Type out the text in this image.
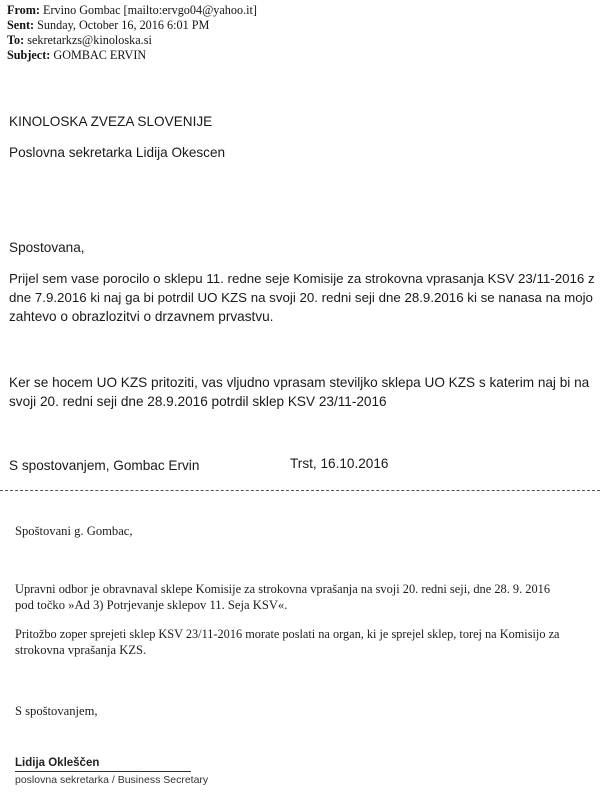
From: Ervino Gombac [mailto:ervgo04@yahoo.it]
Sent: Sunday, October 16, 2016 6:01 PM
To: sekretarkzs@kinoloska.si
Subject: GOMBAC ERVIN
KINOLOSKA ZVEZA SLOVENIJE
Poslovna sekretarka Lidija Okescen
Spostovana,
Prijel sem vase porocilo o sklepu 11. redne seje Komisije za strokovna vprasanja KSV 23/11-2016 z
dne 7.9.2016 ki naj ga bi potrdil UO KZS na svoji 20. redni seji dne 28.9.2016 ki se nanasa na mojo
zahtevo o obrazlozitvi o drzavnem prvastvu.
Ker se hocem UO KZS pritoziti, vas vljudno vprasam steviljko sklepa UO KZS s katerim naj bi na
svoji 20. redni seji dne 28.9.2016 potrdil sklep KSV 23/11-2016
S spostovanjem, Gombac Ervin	Trst, 16.10.2016
Spoštovani g. Gombac,
Upravni odbor je obravnaval sklepe Komisije za strokovna vprašanja na svoji 20. redni seji, dne 28. 9. 2016
pod točko »Ad 3) Potrjevanje sklepov 11. Seja KSV«.
Pritožbo zoper sprejeti sklep KSV 23/11-2016 morate poslati na organ, ki je sprejel sklep, torej na Komisijo za
strokovna vprašanja KZS.
S spoštovanjem,
Lidija Okleščen
poslovna sekretarka / Business Secretary
